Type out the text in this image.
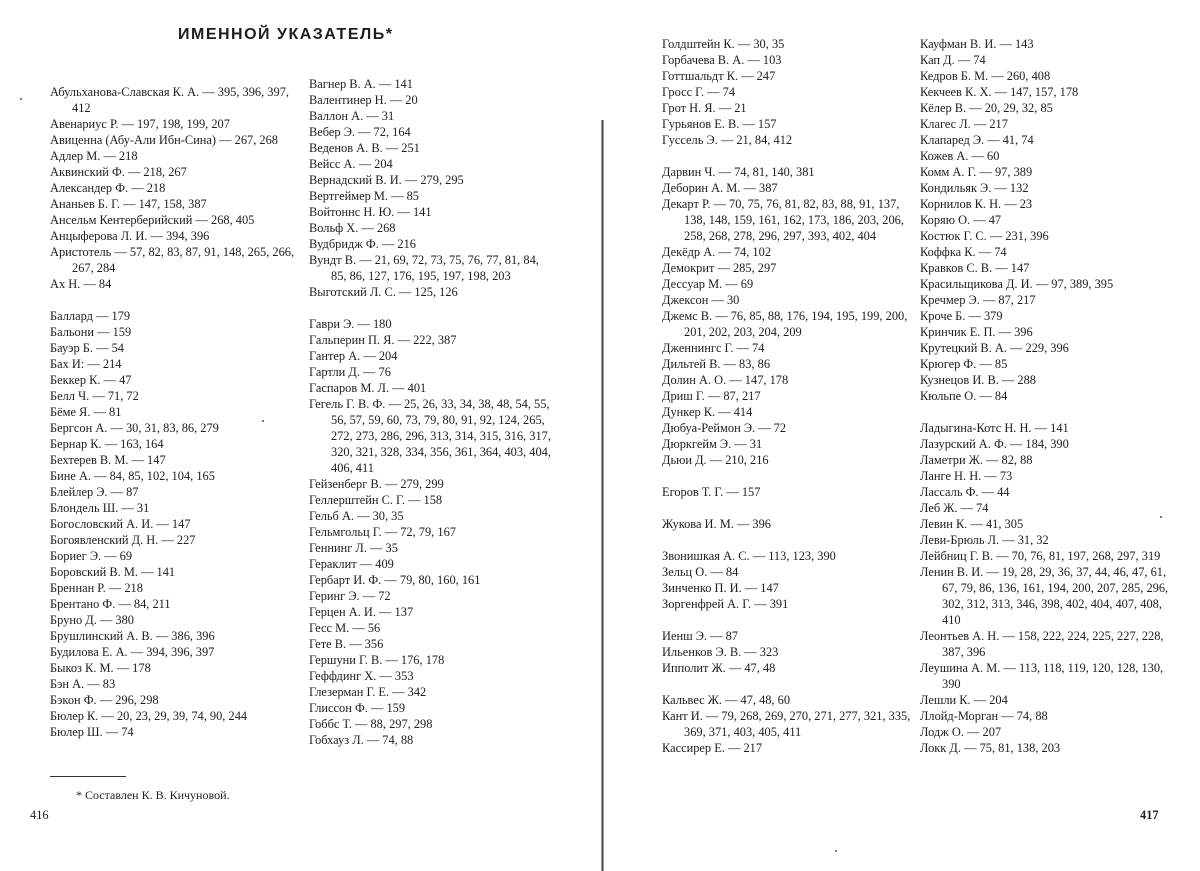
ИМЕННОЙ УКАЗАТЕЛЬ*
Абульханова-Славская К. А. — 395, 396, 397, 412
Авенариус Р. — 197, 198, 199, 207
Авиценна (Абу-Али Ибн-Сина) — 267, 268
Адлер М. — 218
Аквинский Ф. — 218, 267
Александер Ф. — 218
Ананьев Б. Г. — 147, 158, 387
Ансельм Кентерберийский — 268, 405
Анцыферова Л. И. — 394, 396
Аристотель — 57, 82, 83, 87, 91, 148, 265, 266, 267, 284
Ах Н. — 84
Баллард — 179
Бальони — 159
Бауэр Б. — 54
Бах И: — 214
Беккер К. — 47
Белл Ч. — 71, 72
Бёме Я. — 81
Бергсон А. — 30, 31, 83, 86, 279
Бернар К. — 163, 164
Бехтерев В. М. — 147
Бине А. — 84, 85, 102, 104, 165
Блейлер Э. — 87
Блондель Ш. — 31
Богословский А. И. — 147
Богоявленский Д. Н. — 227
Бориег Э. — 69
Боровский В. М. — 141
Бреннан Р. — 218
Брентано Ф. — 84, 211
Бруно Д. — 380
Брушлинский А. В. — 386, 396
Будилова Е. А. — 394, 396, 397
Быкоз К. М. — 178
Бэн А. — 83
Бэкон Ф. — 296, 298
Бюлер К. — 20, 23, 29, 39, 74, 90, 244
Бюлер Ш. — 74
Вагнер В. А. — 141
Валентинер Н. — 20
Валлон А. — 31
Вебер Э. — 72, 164
Веденов А. В. — 251
Вейсс А. — 204
Вернадский В. И. — 279, 295
Вертгеймер М. — 85
Войтоннс Н. Ю. — 141
Вольф Х. — 268
Вудбридж Ф. — 216
Вундт В. — 21, 69, 72, 73, 75, 76, 77, 81, 84, 85, 86, 127, 176, 195, 197, 198, 203
Выготский Л. С. — 125, 126
Гаври Э. — 180
Гальперин П. Я. — 222, 387
Гантер А. — 204
Гартли Д. — 76
Гаспаров М. Л. — 401
Гегель Г. В. Ф. — 25, 26, 33, 34, 38, 48, 54, 55, 56, 57, 59, 60, 73, 79, 80, 91, 92, 124, 265, 272, 273, 286, 296, 313, 314, 315, 316, 317, 320, 321, 328, 334, 356, 361, 364, 403, 404, 406, 411
Гейзенберг В. — 279, 299
Геллерштейн С. Г. — 158
Гельб А. — 30, 35
Гельмгольц Г. — 72, 79, 167
Геннинг Л. — 35
Гераклит — 409
Гербарт И. Ф. — 79, 80, 160, 161
Геринг Э. — 72
Герцен А. И. — 137
Гесс М. — 56
Гете В. — 356
Гершуни Г. В. — 176, 178
Геффдинг Х. — 353
Глезерман Г. Е. — 342
Глиссон Ф. — 159
Гоббс Т. — 88, 297, 298
Гобхауз Л. — 74, 88
* Составлен К. В. Кичуновой.
416
Голдштейн К. — 30, 35
Горбачева В. А. — 103
Готтшальдт К. — 247
Гросс Г. — 74
Грот Н. Я. — 21
Гурьянов Е. В. — 157
Гуссель Э. — 21, 84, 412
Дарвин Ч. — 74, 81, 140, 381
Деборин А. М. — 387
Декарт Р. — 70, 75, 76, 81, 82, 83, 88, 91, 137, 138, 148, 159, 161, 162, 173, 186, 203, 206, 258, 268, 278, 296, 297, 393, 402, 404
Декёдр А. — 74, 102
Демокрит — 285, 297
Дессуар М. — 69
Джексон — 30
Джемс В. — 76, 85, 88, 176, 194, 195, 199, 200, 201, 202, 203, 204, 209
Дженнингс Г. — 74
Дильтей В. — 83, 86
Долин А. О. — 147, 178
Дриш Г. — 87, 217
Дункер К. — 414
Дюбуа-Реймон Э. — 72
Дюркгейм Э. — 31
Дьюи Д. — 210, 216
Егоров Т. Г. — 157
Жукова И. М. — 396
Звонишкая А. С. — 113, 123, 390
Зельц О. — 84
Зинченко П. И. — 147
Зоргенфрей А. Г. — 391
Иенш Э. — 87
Ильенков Э. В. — 323
Ипполит Ж. — 47, 48
Кальвес Ж. — 47, 48, 60
Кант И. — 79, 268, 269, 270, 271, 277, 321, 335, 369, 371, 403, 405, 411
Кассирер Е. — 217
Кауфман В. И. — 143
Кап Д. — 74
Кедров Б. М. — 260, 408
Кекчеев К. Х. — 147, 157, 178
Кёлер В. — 20, 29, 32, 85
Клагес Л. — 217
Клапаред Э. — 41, 74
Кожев А. — 60
Комм А. Г. — 97, 389
Кондильяк Э. — 132
Корнилов К. Н. — 23
Коряю О. — 47
Костюк Г. С. — 231, 396
Коффка К. — 74
Кравков С. В. — 147
Красильщикова Д. И. — 97, 389, 395
Кречмер Э. — 87, 217
Кроче Б. — 379
Кринчик Е. П. — 396
Крутецкий В. А. — 229, 396
Крюгер Ф. — 85
Кузнецов И. В. — 288
Кюльпе О. — 84
Ладыгина-Котс Н. Н. — 141
Лазурский А. Ф. — 184, 390
Ламетри Ж. — 82, 88
Ланге Н. Н. — 73
Лассаль Ф. — 44
Леб Ж. — 74
Левин К. — 41, 305
Леви-Брюль Л. — 31, 32
Лейбниц Г. В. — 70, 76, 81, 197, 268, 297, 319
Ленин В. И. — 19, 28, 29, 36, 37, 44, 46, 47, 61, 67, 79, 86, 136, 161, 194, 200, 207, 285, 296, 302, 312, 313, 346, 398, 402, 404, 407, 408, 410
Леонтьев А. Н. — 158, 222, 224, 225, 227, 228, 387, 396
Леушина А. М. — 113, 118, 119, 120, 128, 130, 390
Лешли К. — 204
Ллойд-Морган — 74, 88
Лодж О. — 207
Локк Д. — 75, 81, 138, 203
417
